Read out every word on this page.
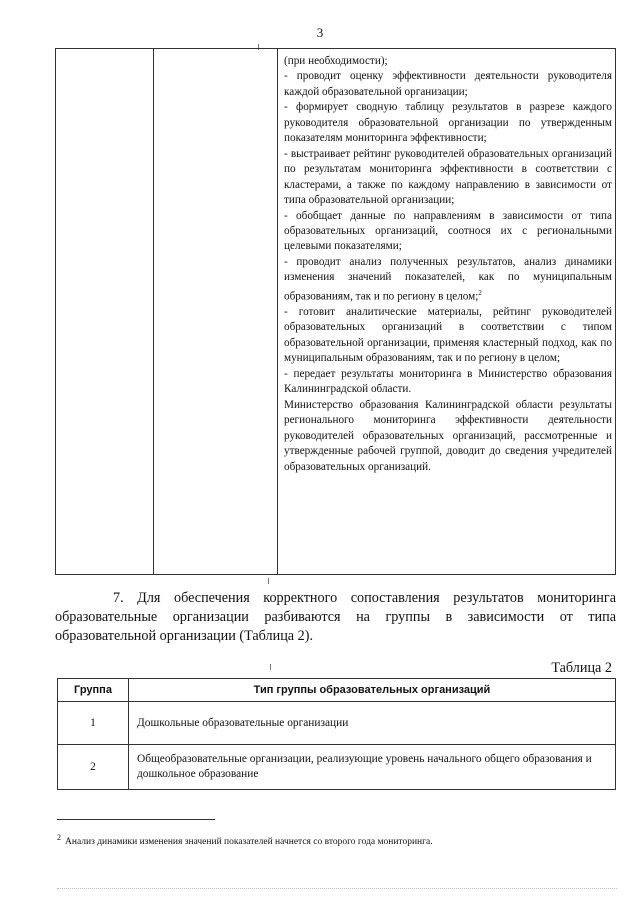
3

(при необходимости);

- проводит оценку эффективности деятельности руководителя каждой образовательной организации;

- формирует сводную таблицу результатов в разрезе каждого руководителя образовательной организации по утвержденным показателям мониторинга эффективности;

- выстраивает рейтинг руководителей образовательных организаций по результатам мониторинга эффективности в соответствии с кластерами, а также по каждому направлению в зависимости от типа образовательной организации;

- обобщает данные по направлениям в зависимости от типа образовательных организаций, соотнося их с региональными целевыми показателями;

- проводит анализ полученных результатов, анализ динамики изменения значений показателей, как по муниципальным образованиям, так и по региону в целом;$^2$

- готовит аналитические материалы, рейтинг руководителей образовательных организаций в соответствии с типом образовательной организации, применяя кластерный подход, как по муниципальным образованиям, так и по региону в целом;

- передает результаты мониторинга в Министерство образования Калининградской области.

Министерство образования Калининградской области результаты регионального мониторинга эффективности деятельности руководителей образовательных организаций, рассмотренные и утвержденные рабочей группой, доводит до сведения учредителей образовательных организаций.

7. Для обеспечения корректного сопоставления результатов мониторинга образовательные организации разбиваются на группы в зависимости от типа образовательной организации (Таблица 2).

Таблица 2
Группа	Тип группы образовательных организаций
1	Дошкольные образовательные организации
2	Общеобразовательные организации, реализующие уровень начального общего образования и дошкольное образование
$^2$ Анализ динамики изменения значений показателей начнется со второго года мониторинга.
